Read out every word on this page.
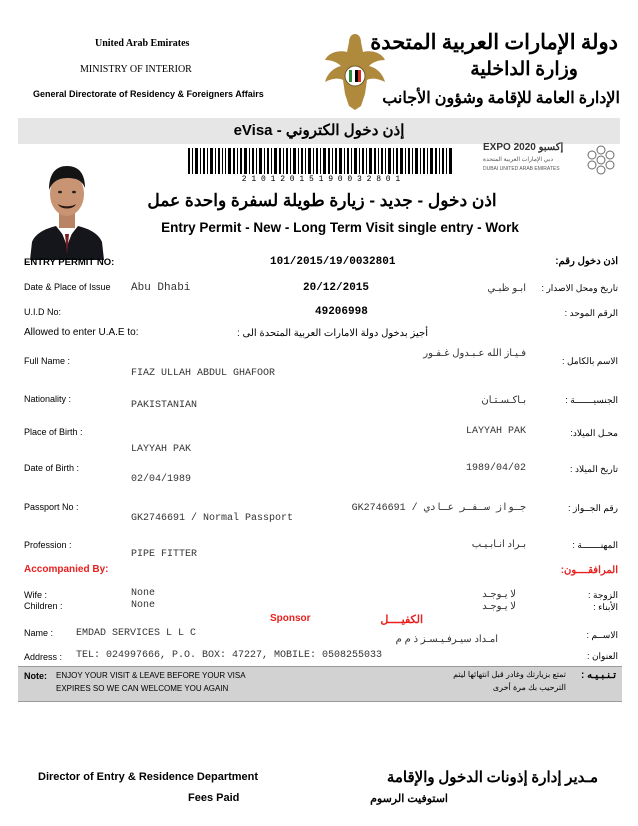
United Arab Emirates
MINISTRY OF INTERIOR
General Directorate of Residency & Foreigners Affairs
دولة الإمارات العربية المتحدة
وزارة الداخلية
الإدارة العامة للإقامة وشؤون الأجانب
eVisa - إذن دخول الكتروني
2 1 0 1 2 0 1 5 1 9 0 0 3 2 8 0 1
EXPO 2020 إكسبو
دبي الإمارات العربية المتحدة
DUBAI UNITED ARAB EMIRATES
اذن دخول - جديد - زيارة طويلة لسفرة واحدة عمل
Entry Permit - New - Long Term Visit single entry - Work
ENTRY PERMIT NO:	101/2015/19/0032801	اذن دخول رقم:
Date & Place of Issue Abu Dhabi	20/12/2015	ابـو ظبـي تاريخ ومحل الاصدار :
U.I.D No:	49206998	الرقم الموحد :
Allowed to enter U.A.E to:	أجيز بدخول دولة الامارات العربية المتحدة الى :
Full Name :
FIAZ ULLAH ABDUL GHAFOOR
فـيـاز الله عـبـدول غـفـور
الاسم بالكامل :
Nationality :
PAKISTANIAN	بـاكـسـتـان	الجنسيـــــــة :
Place of Birth :
LAYYAH PAK
LAYYAH PAK	محـل الميلاد:
Date of Birth :
02/04/1989
1989/04/02	تاريخ الميلاد :
Passport No :
GK2746691 / Normal Passport
GK2746691 / جـواز سـفـر عـادي	رقم الجــواز :
Profession :
PIPE FITTER
بـراد انـابـيـب	المهنـــــــة :
Accompanied By:	المرافقــــون:
Wife :	None	لا يـوجـد	الزوجة :
Children :	None	لا يـوجـد	الأبناء :
Sponsor	الكفيــــل
Name : EMDAD SERVICES L L C
امـداد سيـرفـيـسـز ذ م م	الاســم :
Address : TEL: 024997666, P.O. BOX: 47227, MOBILE: 0508255033	العنوان :
Note: ENJOY YOUR VISIT & LEAVE BEFORE YOUR VISA
EXPIRES SO WE CAN WELCOME YOU AGAIN
تمتع بزيارتك وغادر قبل انتهائها ليتم
الترحيب بك مرة أخرى
تـنـبـيـه :
Director of Entry & Residence Department	مـدير إدارة إذونات الدخول والإقامة
Fees Paid	استوفيت الرسوم
